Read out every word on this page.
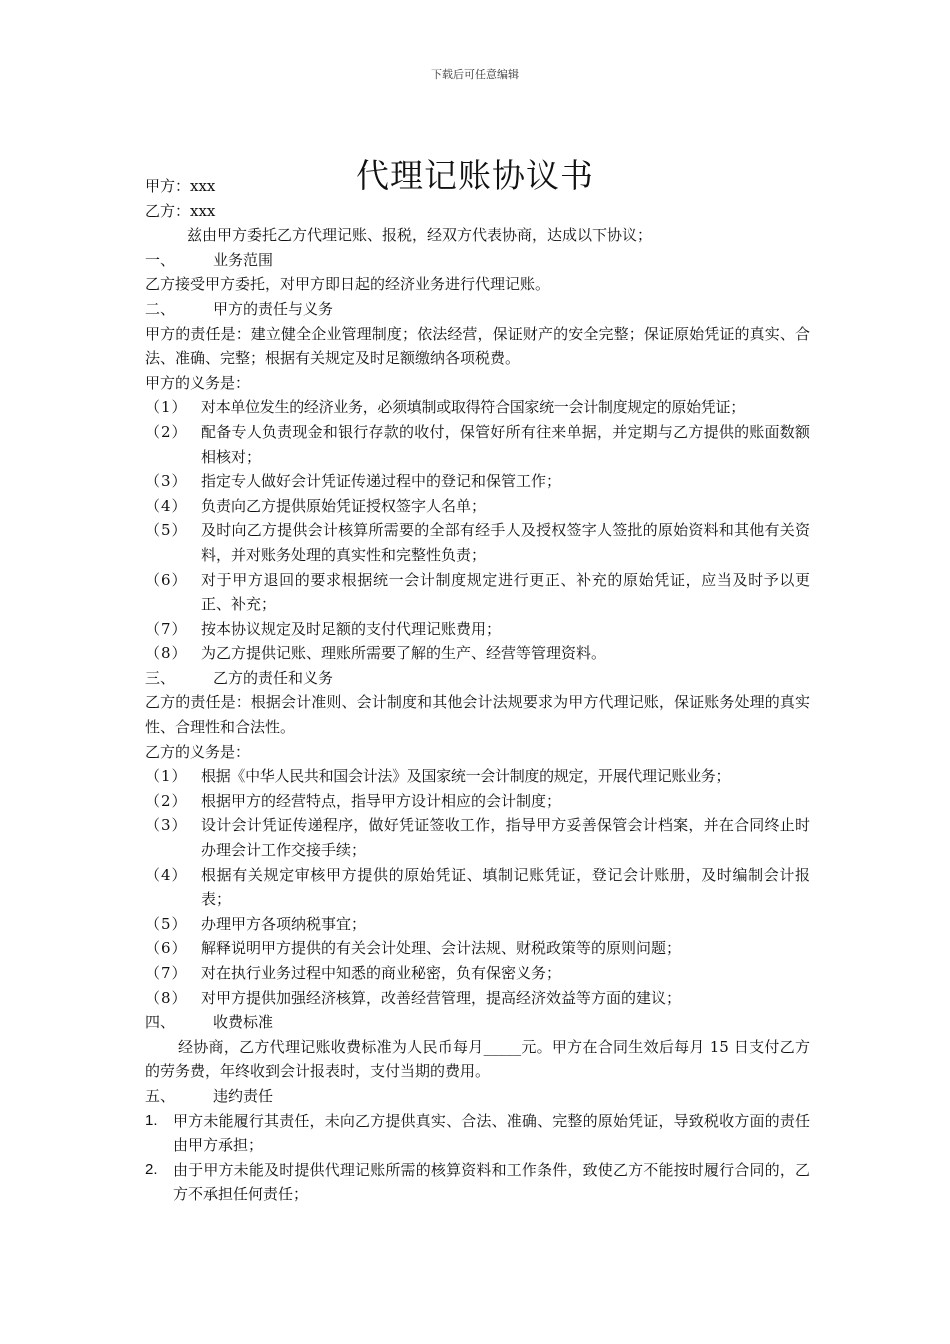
下载后可任意编辑
代理记账协议书

甲方：xxx

乙方：xxx

兹由甲方委托乙方代理记账、报税，经双方代表协商，达成以下协议；

一、	业务范围

乙方接受甲方委托，对甲方即日起的经济业务进行代理记账。

二、	甲方的责任与义务

甲方的责任是：建立健全企业管理制度；依法经营，保证财产的安全完整；保证原始凭证的真实、合法、准确、完整；根据有关规定及时足额缴纳各项税费。

甲方的义务是：

（1） 对本单位发生的经济业务，必须填制或取得符合国家统一会计制度规定的原始凭证；
（2） 配备专人负责现金和银行存款的收付，保管好所有往来单据，并定期与乙方提供的账面数额相核对；
（3） 指定专人做好会计凭证传递过程中的登记和保管工作；
（4） 负责向乙方提供原始凭证授权签字人名单；
（5） 及时向乙方提供会计核算所需要的全部有经手人及授权签字人签批的原始资料和其他有关资料，并对账务处理的真实性和完整性负责；
（6） 对于甲方退回的要求根据统一会计制度规定进行更正、补充的原始凭证，应当及时予以更正、补充；
（7） 按本协议规定及时足额的支付代理记账费用；
（8） 为乙方提供记账、理账所需要了解的生产、经营等管理资料。
三、	乙方的责任和义务

乙方的责任是：根据会计准则、会计制度和其他会计法规要求为甲方代理记账，保证账务处理的真实性、合理性和合法性。

乙方的义务是：

（1） 根据《中华人民共和国会计法》及国家统一会计制度的规定，开展代理记账业务；
（2） 根据甲方的经营特点，指导甲方设计相应的会计制度；
（3） 设计会计凭证传递程序，做好凭证签收工作，指导甲方妥善保管会计档案，并在合同终止时办理会计工作交接手续；
（4） 根据有关规定审核甲方提供的原始凭证、填制记账凭证，登记会计账册，及时编制会计报表；
（5） 办理甲方各项纳税事宜；
（6） 解释说明甲方提供的有关会计处理、会计法规、财税政策等的原则问题；
（7） 对在执行业务过程中知悉的商业秘密，负有保密义务；
（8） 对甲方提供加强经济核算，改善经营管理，提高经济效益等方面的建议；
四、	收费标准

经协商，乙方代理记账收费标准为人民币每月_____元。甲方在合同生效后每月 15 日支付乙方的劳务费，年终收到会计报表时，支付当期的费用。

五、	违约责任
1.	甲方未能履行其责任，未向乙方提供真实、合法、准确、完整的原始凭证，导致税收方面的责任由甲方承担；
2.	由于甲方未能及时提供代理记账所需的核算资料和工作条件，致使乙方不能按时履行合同的，乙方不承担任何责任；
